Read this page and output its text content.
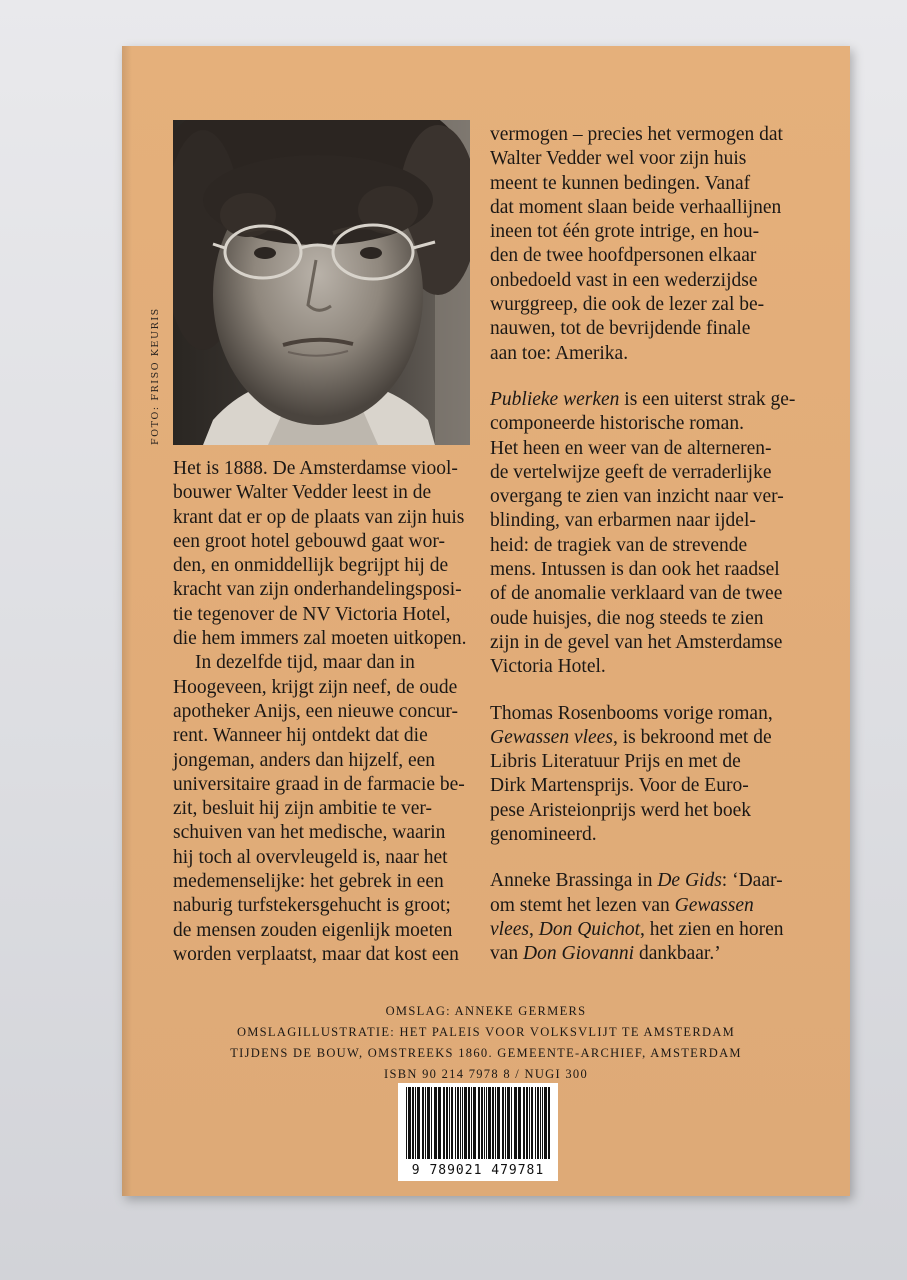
FOTO: FRISO KEURIS

Het is 1888. De Amsterdamse viool-
bouwer Walter Vedder leest in de
krant dat er op de plaats van zijn huis
een groot hotel gebouwd gaat wor-
den, en onmiddellijk begrijpt hij de
kracht van zijn onderhandelingsposi-
tie tegenover de NV Victoria Hotel,
die hem immers zal moeten uitkopen.

In dezelfde tijd, maar dan in
Hoogeveen, krijgt zijn neef, de oude
apotheker Anijs, een nieuwe concur-
rent. Wanneer hij ontdekt dat die
jongeman, anders dan hijzelf, een
universitaire graad in de farmacie be-
zit, besluit hij zijn ambitie te ver-
schuiven van het medische, waarin
hij toch al overvleugeld is, naar het
medemenselijke: het gebrek in een
naburig turfstekersgehucht is groot;
de mensen zouden eigenlijk moeten
worden verplaatst, maar dat kost een

vermogen – precies het vermogen dat
Walter Vedder wel voor zijn huis
meent te kunnen bedingen. Vanaf
dat moment slaan beide verhaallijnen
ineen tot één grote intrige, en hou-
den de twee hoofdpersonen elkaar
onbedoeld vast in een wederzijdse
wurggreep, die ook de lezer zal be-
nauwen, tot de bevrijdende finale
aan toe: Amerika.

Publieke werken is een uiterst strak ge-
componeerde historische roman.
Het heen en weer van de alterneren-
de vertelwijze geeft de verraderlijke
overgang te zien van inzicht naar ver-
blinding, van erbarmen naar ijdel-
heid: de tragiek van de strevende
mens. Intussen is dan ook het raadsel
of de anomalie verklaard van de twee
oude huisjes, die nog steeds te zien
zijn in de gevel van het Amsterdamse
Victoria Hotel.

Thomas Rosenbooms vorige roman,
Gewassen vlees, is bekroond met de
Libris Literatuur Prijs en met de
Dirk Martensprijs. Voor de Euro-
pese Aristeionprijs werd het boek
genomineerd.

Anneke Brassinga in De Gids: ‘Daar-
om stemt het lezen van Gewassen
vlees, Don Quichot, het zien en horen
van Don Giovanni dankbaar.’

OMSLAG: ANNEKE GERMERS
OMSLAGILLUSTRATIE: HET PALEIS VOOR VOLKSVLIJT TE AMSTERDAM
TIJDENS DE BOUW, OMSTREEKS 1860. GEMEENTE-ARCHIEF, AMSTERDAM
ISBN 90 214 7978 8 / NUGI 300
9 789021 479781
